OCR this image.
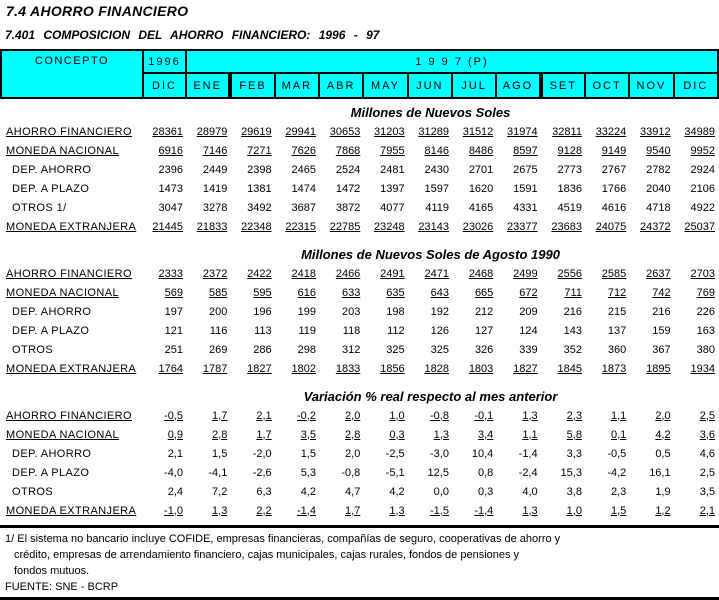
7.4 AHORRO FINANCIERO
7.401 COMPOSICION DEL AHORRO FINANCIERO: 1996 - 97
CONCEPTO	1996	1 9 9 7 (P)											
	DIC	ENE	FEB	MAR	ABR	MAY	JUN	JUL	AGO	SET	OCT	NOV	DIC
	Millones de Nuevos Soles												
AHORRO FINANCIERO	28361	28979	29619	29941	30653	31203	31289	31512	31974	32811	33224	33912	34989
MONEDA NACIONAL	6916	7146	7271	7626	7868	7955	8146	8486	8597	9128	9149	9540	9952
DEP. AHORRO	2396	2449	2398	2465	2524	2481	2430	2701	2675	2773	2767	2782	2924
DEP. A PLAZO	1473	1419	1381	1474	1472	1397	1597	1620	1591	1836	1766	2040	2106
OTROS 1/	3047	3278	3492	3687	3872	4077	4119	4165	4331	4519	4616	4718	4922
MONEDA EXTRANJERA	21445	21833	22348	22315	22785	23248	23143	23026	23377	23683	24075	24372	25037
	Millones de Nuevos Soles de Agosto 1990												
AHORRO FINANCIERO	2333	2372	2422	2418	2466	2491	2471	2468	2499	2556	2585	2637	2703
MONEDA NACIONAL	569	585	595	616	633	635	643	665	672	711	712	742	769
DEP. AHORRO	197	200	196	199	203	198	192	212	209	216	215	216	226
DEP. A PLAZO	121	116	113	119	118	112	126	127	124	143	137	159	163
OTROS	251	269	286	298	312	325	325	326	339	352	360	367	380
MONEDA EXTRANJERA	1764	1787	1827	1802	1833	1856	1828	1803	1827	1845	1873	1895	1934
	Variación % real respecto al mes anterior												
AHORRO FINANCIERO	-0,5	1,7	2,1	-0,2	2,0	1,0	-0,8	-0,1	1,3	2,3	1,1	2,0	2,5
MONEDA NACIONAL	0,9	2,8	1,7	3,5	2,8	0,3	1,3	3,4	1,1	5,8	0,1	4,2	3,6
DEP. AHORRO	2,1	1,5	-2,0	1,5	2,0	-2,5	-3,0	10,4	-1,4	3,3	-0,5	0,5	4,6
DEP. A PLAZO	-4,0	-4,1	-2,6	5,3	-0,8	-5,1	12,5	0,8	-2,4	15,3	-4,2	16,1	2,5
OTROS	2,4	7,2	6,3	4,2	4,7	4,2	0,0	0,3	4,0	3,8	2,3	1,9	3,5
MONEDA EXTRANJERA	-1,0	1,3	2,2	-1,4	1,7	1,3	-1,5	-1,4	1,3	1,0	1,5	1,2	2,1

1/ El sistema no bancario incluye COFIDE, empresas financieras, compañías de seguro, cooperativas de ahorro y

crédito, empresas de arrendamiento financiero, cajas municipales, cajas rurales, fondos de pensiones y

fondos mutuos.

FUENTE: SNE - BCRP
